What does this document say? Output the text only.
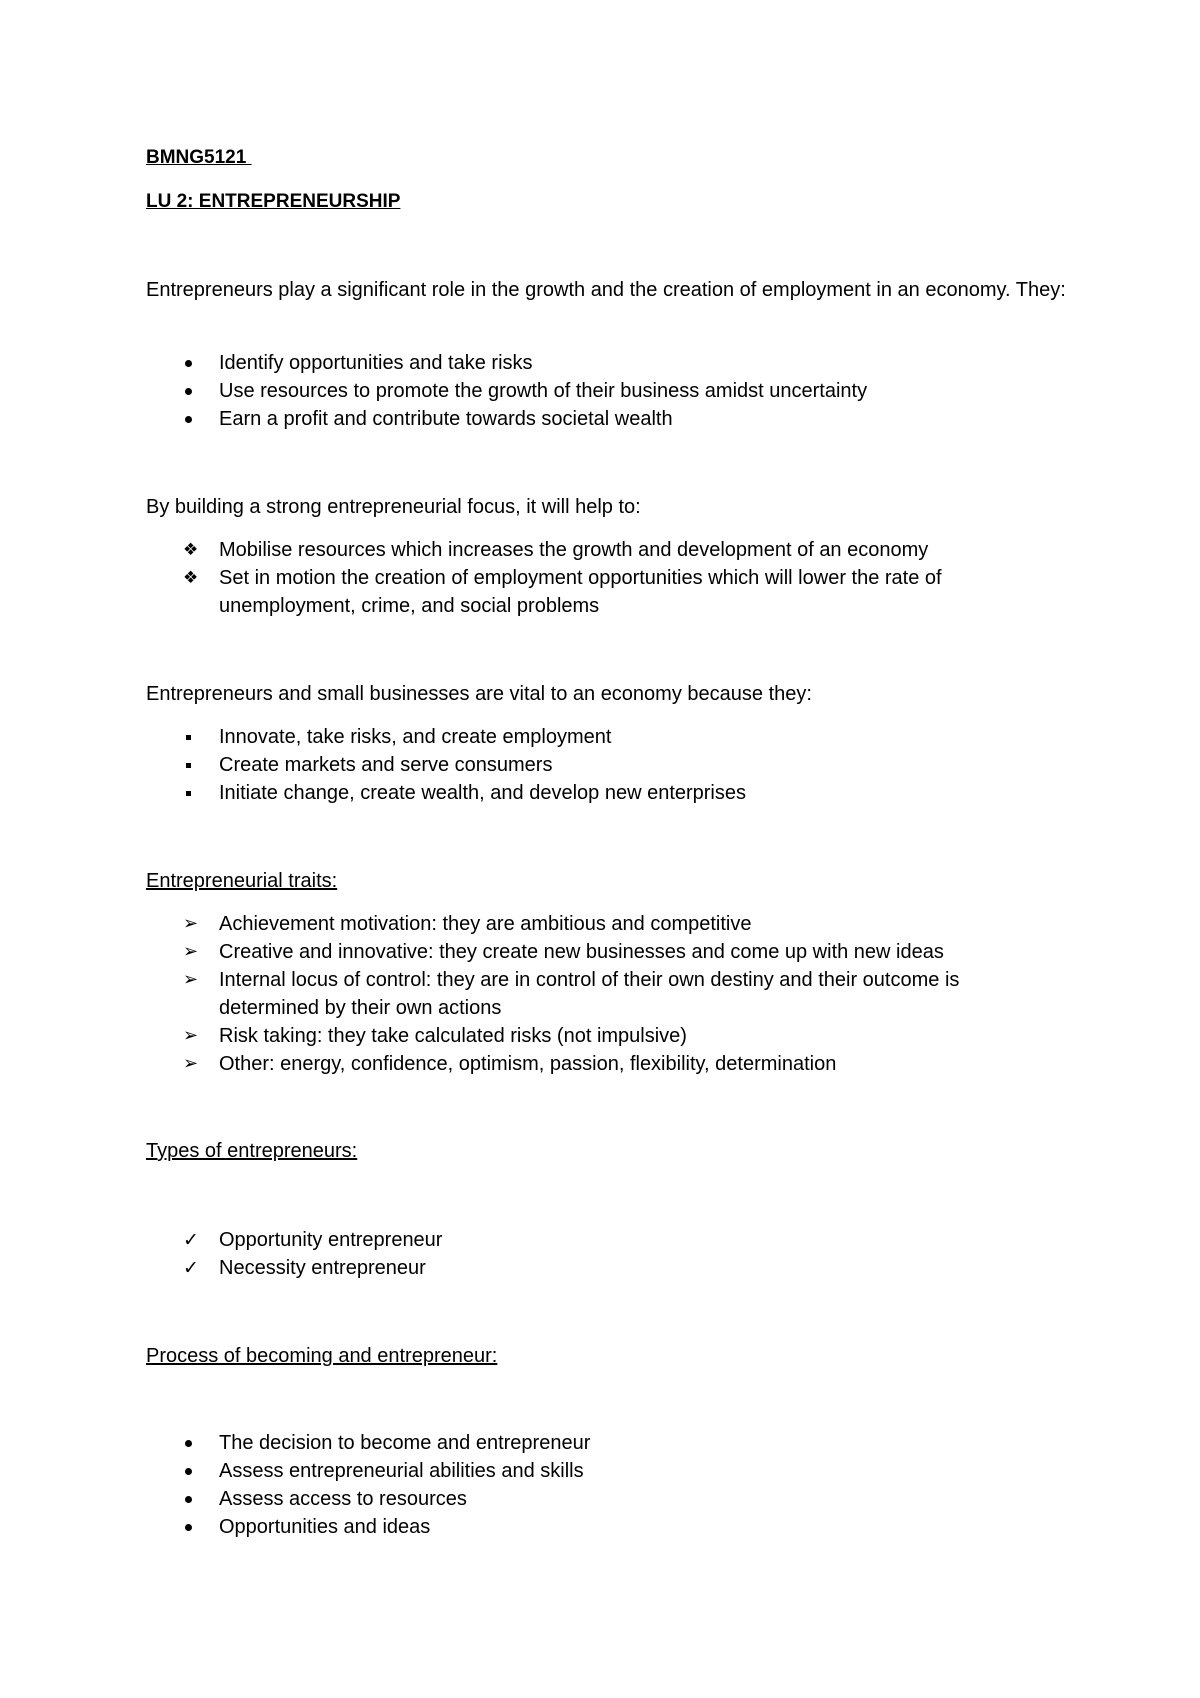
BMNG5121
LU 2: ENTREPRENEURSHIP
Entrepreneurs play a significant role in the growth and the creation of employment in an economy. They:
Identify opportunities and take risks
Use resources to promote the growth of their business amidst uncertainty
Earn a profit and contribute towards societal wealth
By building a strong entrepreneurial focus, it will help to:
❖	Mobilise resources which increases the growth and development of an economy
❖	Set in motion the creation of employment opportunities which will lower the rate of unemployment, crime, and social problems
Entrepreneurs and small businesses are vital to an economy because they:
Innovate, take risks, and create employment
Create markets and serve consumers
Initiate change, create wealth, and develop new enterprises
Entrepreneurial traits:
➢	Achievement motivation: they are ambitious and competitive
➢	Creative and innovative: they create new businesses and come up with new ideas
➢	Internal locus of control: they are in control of their own destiny and their outcome is determined by their own actions
➢	Risk taking: they take calculated risks (not impulsive)
➢	Other: energy, confidence, optimism, passion, flexibility, determination
Types of entrepreneurs:
✓	Opportunity entrepreneur
✓	Necessity entrepreneur
Process of becoming and entrepreneur:
The decision to become and entrepreneur
Assess entrepreneurial abilities and skills
Assess access to resources
Opportunities and ideas
